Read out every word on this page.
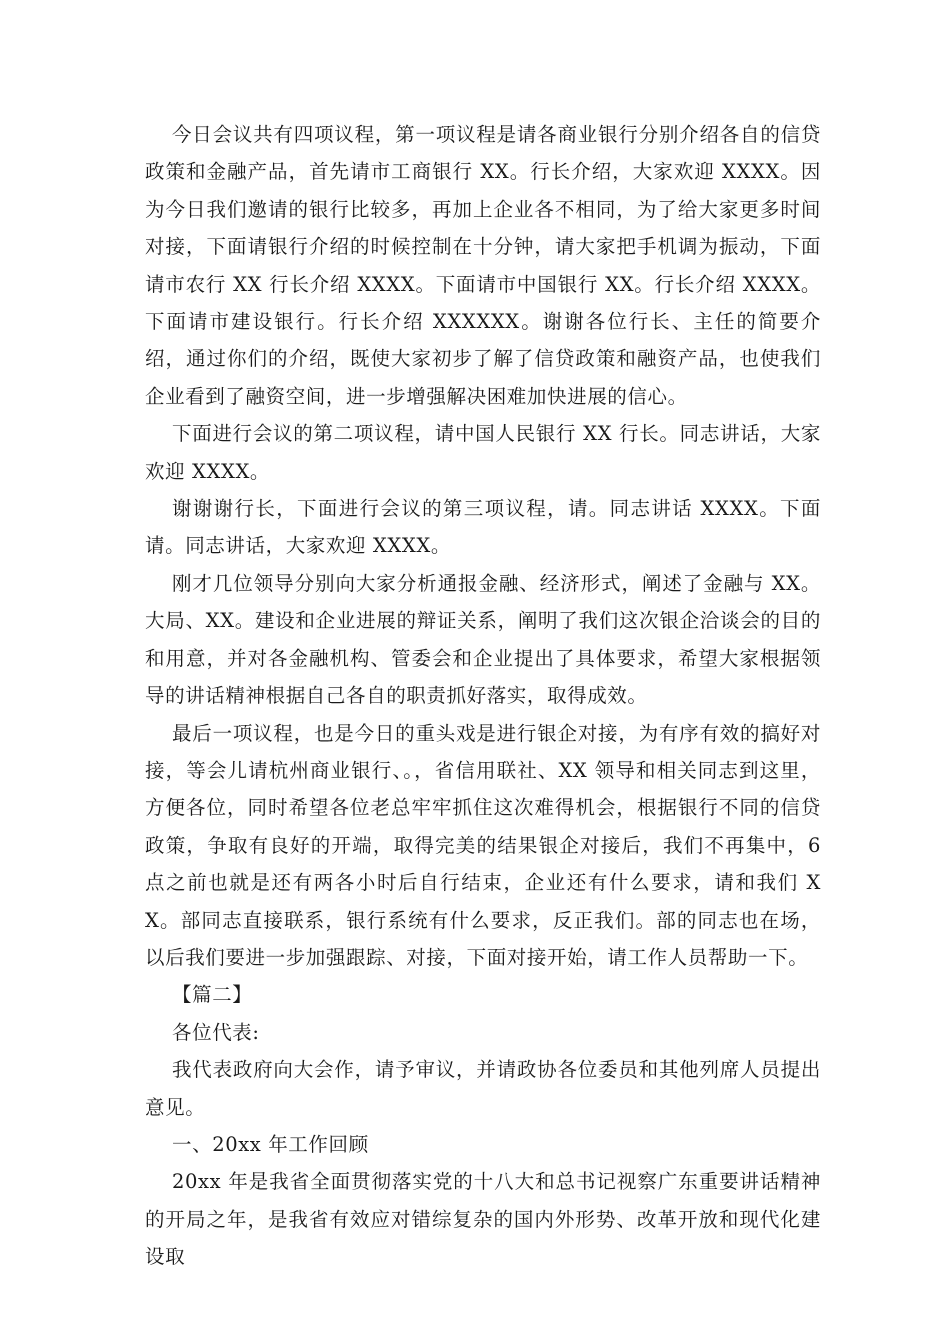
今日会议共有四项议程，第一项议程是请各商业银行分别介绍各自的信贷政策和金融产品，首先请市工商银行 XX。行长介绍，大家欢迎 XXXX。因为今日我们邀请的银行比较多，再加上企业各不相同，为了给大家更多时间对接，下面请银行介绍的时候控制在十分钟，请大家把手机调为振动，下面请市农行 XX 行长介绍 XXXX。下面请市中国银行 XX。行长介绍 XXXX。下面请市建设银行。行长介绍 XXXXXX。谢谢各位行长、主任的简要介绍，通过你们的介绍，既使大家初步了解了信贷政策和融资产品，也使我们企业看到了融资空间，进一步增强解决困难加快进展的信心。

下面进行会议的第二项议程，请中国人民银行 XX 行长。同志讲话，大家欢迎 XXXX。

谢谢谢行长，下面进行会议的第三项议程，请。同志讲话 XXXX。下面请。同志讲话，大家欢迎 XXXX。

刚才几位领导分别向大家分析通报金融、经济形式，阐述了金融与 XX。大局、XX。建设和企业进展的辩证关系，阐明了我们这次银企洽谈会的目的和用意，并对各金融机构、管委会和企业提出了具体要求，希望大家根据领导的讲话精神根据自己各自的职责抓好落实，取得成效。

最后一项议程，也是今日的重头戏是进行银企对接，为有序有效的搞好对接，等会儿请杭州商业银行、。，省信用联社、XX 领导和相关同志到这里，方便各位，同时希望各位老总牢牢抓住这次难得机会，根据银行不同的信贷政策，争取有良好的开端，取得完美的结果银企对接后，我们不再集中，6 点之前也就是还有两各小时后自行结束，企业还有什么要求，请和我们 XX。部同志直接联系，银行系统有什么要求，反正我们。部的同志也在场，以后我们要进一步加强跟踪、对接，下面对接开始，请工作人员帮助一下。

【篇二】

各位代表:

我代表政府向大会作，请予审议，并请政协各位委员和其他列席人员提出意见。

一、20xx 年工作回顾

20xx 年是我省全面贯彻落实党的十八大和总书记视察广东重要讲话精神的开局之年，是我省有效应对错综复杂的国内外形势、改革开放和现代化建设取
